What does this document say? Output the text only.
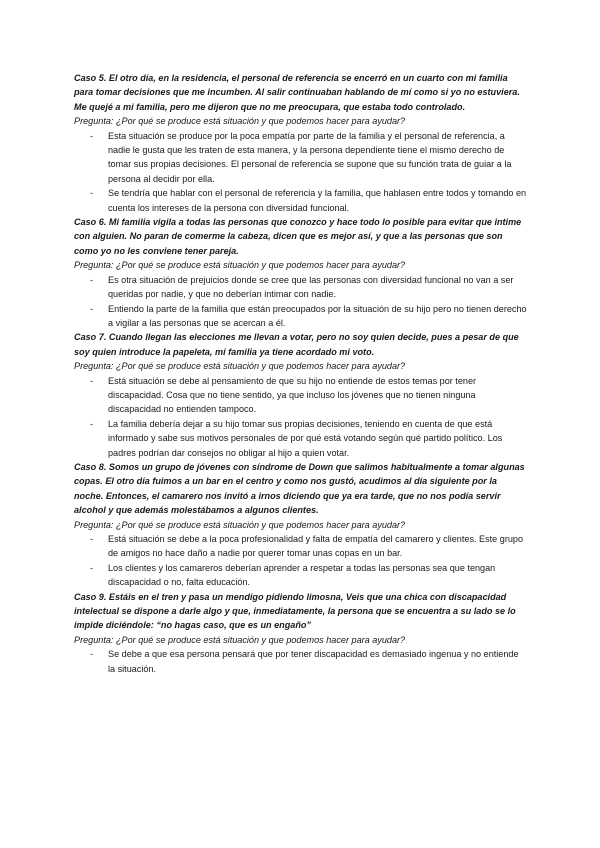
Caso 5. El otro día, en la residencia, el personal de referencia se encerró en un cuarto con mi familia para tomar decisiones que me incumben. Al salir continuaban hablando de mí como si yo no estuviera. Me quejé a mi familia, pero me dijeron que no me preocupara, que estaba todo controlado.

Pregunta: ¿Por qué se produce está situación y que podemos hacer para ayudar?

- Esta situación se produce por la poca empatía por parte de la familia y el personal de referencia, a nadie le gusta que les traten de esta manera, y la persona dependiente tiene el mismo derecho de tomar sus propias decisiones. El personal de referencia se supone que su función trata de guiar a la persona al decidir por ella.
- Se tendría que hablar con el personal de referencia y la familia, que hablasen entre todos y tomando en cuenta los intereses de la persona con diversidad funcional.

Caso 6. Mi familia vigila a todas las personas que conozco y hace todo lo posible para evitar que intime con alguien. No paran de comerme la cabeza, dicen que es mejor así, y que a las personas que son como yo no les conviene tener pareja.

Pregunta: ¿Por qué se produce está situación y que podemos hacer para ayudar?

- Es otra situación de prejuicios donde se cree que las personas con diversidad funcional no van a ser queridas por nadie, y que no deberían intimar con nadie.
- Entiendo la parte de la familia que están preocupados por la situación de su hijo pero no tienen derecho a vigilar a las personas que se acercan a él.

Caso 7. Cuando llegan las elecciones me llevan a votar, pero no soy quien decide, pues a pesar de que soy quien introduce la papeleta, mi familia ya tiene acordado mi voto.

Pregunta: ¿Por qué se produce está situación y que podemos hacer para ayudar?

- Está situación se debe al pensamiento de que su hijo no entiende de estos temas por tener discapacidad. Cosa que no tiene sentido, ya que incluso los jóvenes que no tienen ninguna discapacidad no entienden tampoco.
- La familia debería dejar a su hijo tomar sus propias decisiones, teniendo en cuenta de que está informado y sabe sus motivos personales de por qué está votando según qué partido político. Los padres podrían dar consejos no obligar al hijo a quien votar.

Caso 8. Somos un grupo de jóvenes con síndrome de Down que salimos habitualmente a tomar algunas copas. El otro día fuimos a un bar en el centro y como nos gustó, acudimos al día siguiente por la noche. Entonces, el camarero nos invitó a irnos diciendo que ya era tarde, que no nos podía servir alcohol y que además molestábamos a algunos clientes.

Pregunta: ¿Por qué se produce está situación y que podemos hacer para ayudar?

- Está situación se debe a la poca profesionalidad y falta de empatía del camarero y clientes. Este grupo de amigos no hace daño a nadie por querer tomar unas copas en un bar.
- Los clientes y los camareros deberían aprender a respetar a todas las personas sea que tengan discapacidad o no, falta educación.

Caso 9. Estáis en el tren y pasa un mendigo pidiendo limosna, Veis que una chica con discapacidad intelectual se dispone a darle algo y que, inmediatamente, la persona que se encuentra a su lado se lo impide diciéndole: “no hagas caso, que es un engaño”

Pregunta: ¿Por qué se produce está situación y que podemos hacer para ayudar?

- Se debe a que esa persona pensará que por tener discapacidad es demasiado ingenua y no entiende la situación.
